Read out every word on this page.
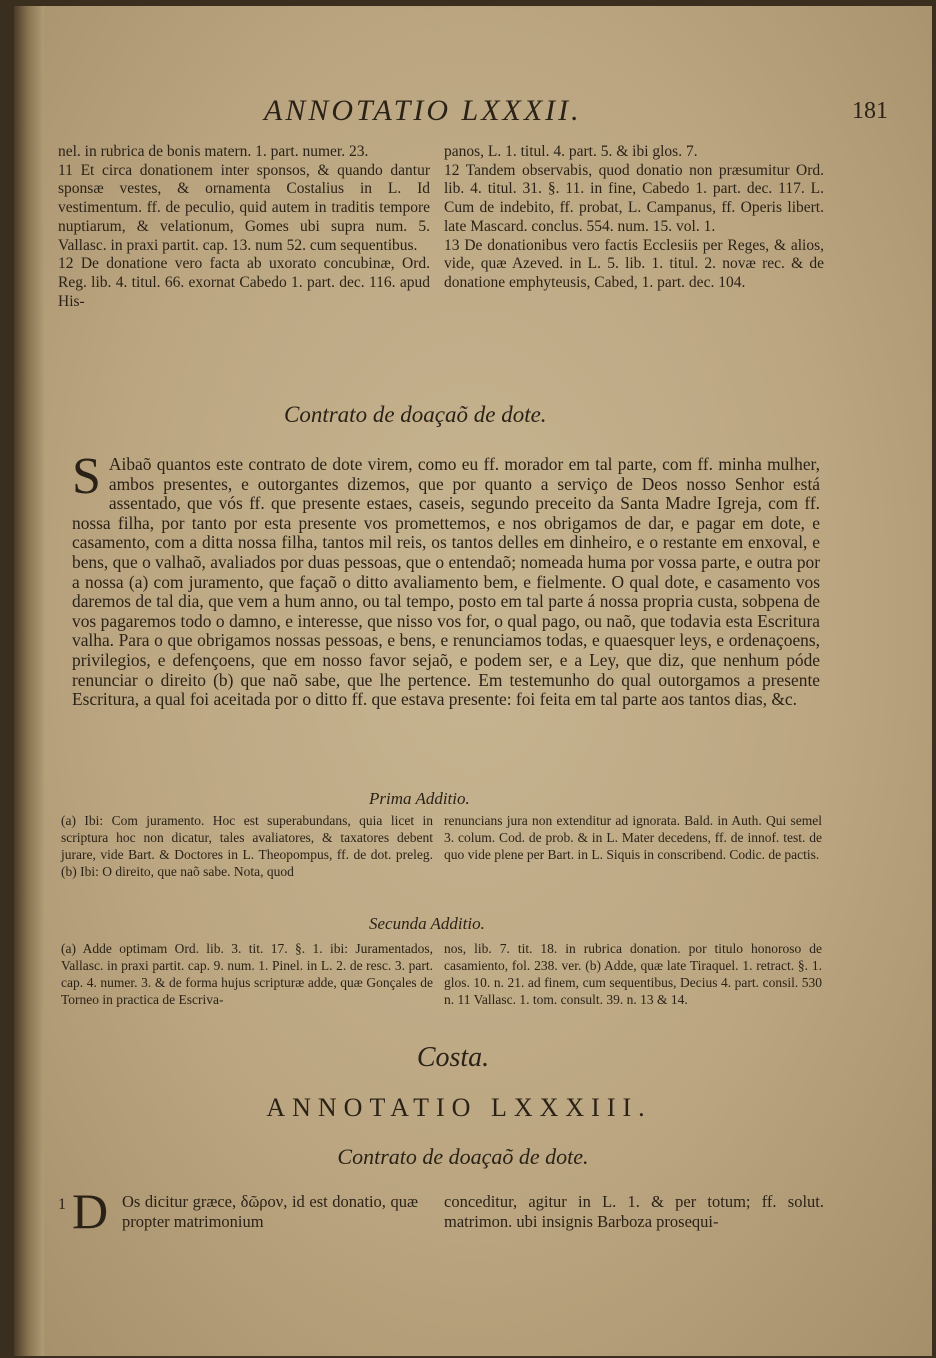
ANNOTATIO LXXXII.	181

nel. in rubrica de bonis matern. 1. part. numer. 23.

11 Et circa donationem inter sponsos, & quando dantur sponsæ vestes, & ornamenta Costalius in L. Id vestimentum. ff. de peculio, quid autem in traditis tempore nuptiarum, & velationum, Gomes ubi supra num. 5. Vallasc. in praxi partit. cap. 13. num 52. cum sequentibus.

12 De donatione vero facta ab uxorato concubinæ, Ord. Reg. lib. 4. titul. 66. exornat Cabedo 1. part. dec. 116. apud His-

panos, L. 1. titul. 4. part. 5. & ibi glos. 7.

12 Tandem observabis, quod donatio non præsumitur Ord. lib. 4. titul. 31. §. 11. in fine, Cabedo 1. part. dec. 117. L. Cum de indebito, ff. probat, L. Campanus, ff. Operis libert. late Mascard. conclus. 554. num. 15. vol. 1.

13 De donationibus vero factis Ecclesiis per Reges, & alios, vide, quæ Azeved. in L. 5. lib. 1. titul. 2. novæ rec. & de donatione emphyteusis, Cabed, 1. part. dec. 104.

Contrato de doaçaõ de dote.
S Aibaõ quantos este contrato de dote virem, como eu ff. morador em tal parte, com ff. minha mulher, ambos presentes, e outorgantes dizemos, que por quanto a serviço de Deos nosso Senhor está assentado, que vós ff. que presente estaes, caseis, segundo preceito da Santa Madre Igreja, com ff. nossa filha, por tanto por esta presente vos promettemos, e nos obrigamos de dar, e pagar em dote, e casamento, com a ditta nossa filha, tantos mil reis, os tantos delles em dinheiro, e o restante em enxoval, e bens, que o valhaõ, avaliados por duas pessoas, que o entendaõ; nomeada huma por vossa parte, e outra por a nossa (a) com juramento, que façaõ o ditto avaliamento bem, e fielmente. O qual dote, e casamento vos daremos de tal dia, que vem a hum anno, ou tal tempo, posto em tal parte á nossa propria custa, sobpena de vos pagaremos todo o damno, e interesse, que nisso vos for, o qual pago, ou naõ, que todavia esta Escritura valha. Para o que obrigamos nossas pessoas, e bens, e renunciamos todas, e quaesquer leys, e ordenaçoens, privilegios, e defençoens, que em nosso favor sejaõ, e podem ser, e a Ley, que diz, que nenhum póde renunciar o direito (b) que naõ sabe, que lhe pertence. Em testemunho do qual outorgamos a presente Escritura, a qual foi aceitada por o ditto ff. que estava presente: foi feita em tal parte aos tantos dias, &c.
Prima Additio.

(a) Ibi: Com juramento. Hoc est superabundans, quia licet in scriptura hoc non dicatur, tales avaliatores, & taxatores debent jurare, vide Bart. & Doctores in L. Theopompus, ff. de dot. preleg. (b) Ibi: O direito, que naõ sabe. Nota, quod

renuncians jura non extenditur ad ignorata. Bald. in Auth. Qui semel 3. colum. Cod. de prob. & in L. Mater decedens, ff. de innof. test. de quo vide plene per Bart. in L. Siquis in conscribend. Codic. de pactis.

Secunda Additio.

(a) Adde optimam Ord. lib. 3. tit. 17. §. 1. ibi: Juramentados, Vallasc. in praxi partit. cap. 9. num. 1. Pinel. in L. 2. de resc. 3. part. cap. 4. numer. 3. & de forma hujus scripturæ adde, quæ Gonçales de Torneo in practica de Escriva-

nos, lib. 7. tit. 18. in rubrica donation. por titulo honoroso de casamiento, fol. 238. ver. (b) Adde, quæ late Tiraquel. 1. retract. §. 1. glos. 10. n. 21. ad finem, cum sequentibus, Decius 4. part. consil. 530 n. 11 Vallasc. 1. tom. consult. 39. n. 13 & 14.

Costa.
ANNOTATIO LXXXIII.
Contrato de doaçaõ de dote.
1 D Os dicitur græce, δῶρον, id est donatio, quæ propter matrimonium

conceditur, agitur in L. 1. & per totum; ff. solut. matrimon. ubi insignis Barboza prosequi-
